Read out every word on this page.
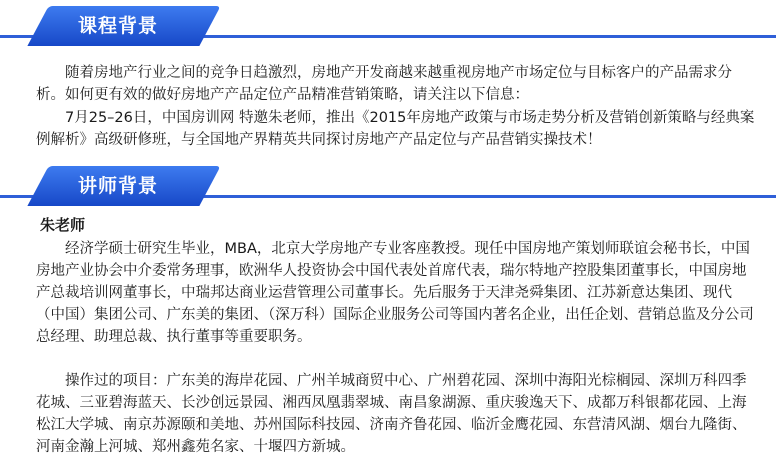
课程背景

随着房地产行业之间的竞争日趋激烈，房地产开发商越来越重视房地产市场定位与目标客户的产品需求分析。如何更有效的做好房地产产品定位产品精准营销策略，请关注以下信息：

7月25–26日，中国房训网 特邀朱老师，推出《2015年房地产政策与市场走势分析及营销创新策略与经典案例解析》高级研修班，与全国地产界精英共同探讨房地产产品定位与产品营销实操技术！

讲师背景

朱老师

经济学硕士研究生毕业，MBA，北京大学房地产专业客座教授。现任中国房地产策划师联谊会秘书长，中国房地产业协会中介委常务理事，欧洲华人投资协会中国代表处首席代表，瑞尔特地产控股集团董事长，中国房地产总裁培训网董事长，中瑞邦达商业运营管理公司董事长。先后服务于天津尧舜集团、江苏新意达集团、现代（中国）集团公司、广东美的集团、（深万科）国际企业服务公司等国内著名企业，出任企划、营销总监及分公司总经理、助理总裁、执行董事等重要职务。

操作过的项目：广东美的海岸花园、广州羊城商贸中心、广州碧花园、深圳中海阳光棕榈园、深圳万科四季花城、三亚碧海蓝天、长沙创远景园、湘西凤凰翡翠城、南昌象湖源、重庆骏逸天下、成都万科银都花园、上海松江大学城、南京苏源颐和美地、苏州国际科技园、济南齐鲁花园、临沂金鹰花园、东营清风湖、烟台九隆街、河南金瀚上河城、郑州鑫苑名家、十堰四方新城。
